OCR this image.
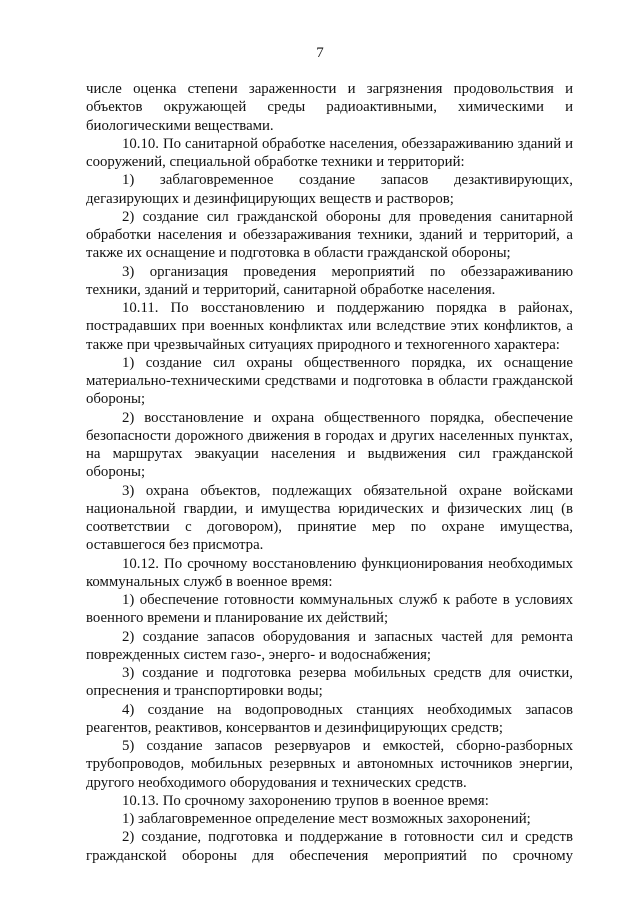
7

числе оценка степени зараженности и загрязнения продовольствия и объектов окружающей среды радиоактивными, химическими и биологическими веществами.

10.10. По санитарной обработке населения, обеззараживанию зданий и сооружений, специальной обработке техники и территорий:

1) заблаговременное создание запасов дезактивирующих, дегазирующих и дезинфицирующих веществ и растворов;

2) создание сил гражданской обороны для проведения санитарной обработки населения и обеззараживания техники, зданий и территорий, а также их оснащение и подготовка в области гражданской обороны;

3) организация проведения мероприятий по обеззараживанию техники, зданий и территорий, санитарной обработке населения.

10.11. По восстановлению и поддержанию порядка в районах, пострадавших при военных конфликтах или вследствие этих конфликтов, а также при чрезвычайных ситуациях природного и техногенного характера:

1) создание сил охраны общественного порядка, их оснащение материально-техническими средствами и подготовка в области гражданской обороны;

2) восстановление и охрана общественного порядка, обеспечение безопасности дорожного движения в городах и других населенных пунктах, на маршрутах эвакуации населения и выдвижения сил гражданской обороны;

3) охрана объектов, подлежащих обязательной охране войсками национальной гвардии, и имущества юридических и физических лиц (в соответствии с договором), принятие мер по охране имущества, оставшегося без присмотра.

10.12. По срочному восстановлению функционирования необходимых коммунальных служб в военное время:

1) обеспечение готовности коммунальных служб к работе в условиях военного времени и планирование их действий;

2) создание запасов оборудования и запасных частей для ремонта поврежденных систем газо-, энерго- и водоснабжения;

3) создание и подготовка резерва мобильных средств для очистки, опреснения и транспортировки воды;

4) создание на водопроводных станциях необходимых запасов реагентов, реактивов, консервантов и дезинфицирующих средств;

5) создание запасов резервуаров и емкостей, сборно-разборных трубопроводов, мобильных резервных и автономных источников энергии, другого необходимого оборудования и технических средств.

10.13. По срочному захоронению трупов в военное время:

1) заблаговременное определение мест возможных захоронений;

2) создание, подготовка и поддержание в готовности сил и средств гражданской обороны для обеспечения мероприятий по срочному
